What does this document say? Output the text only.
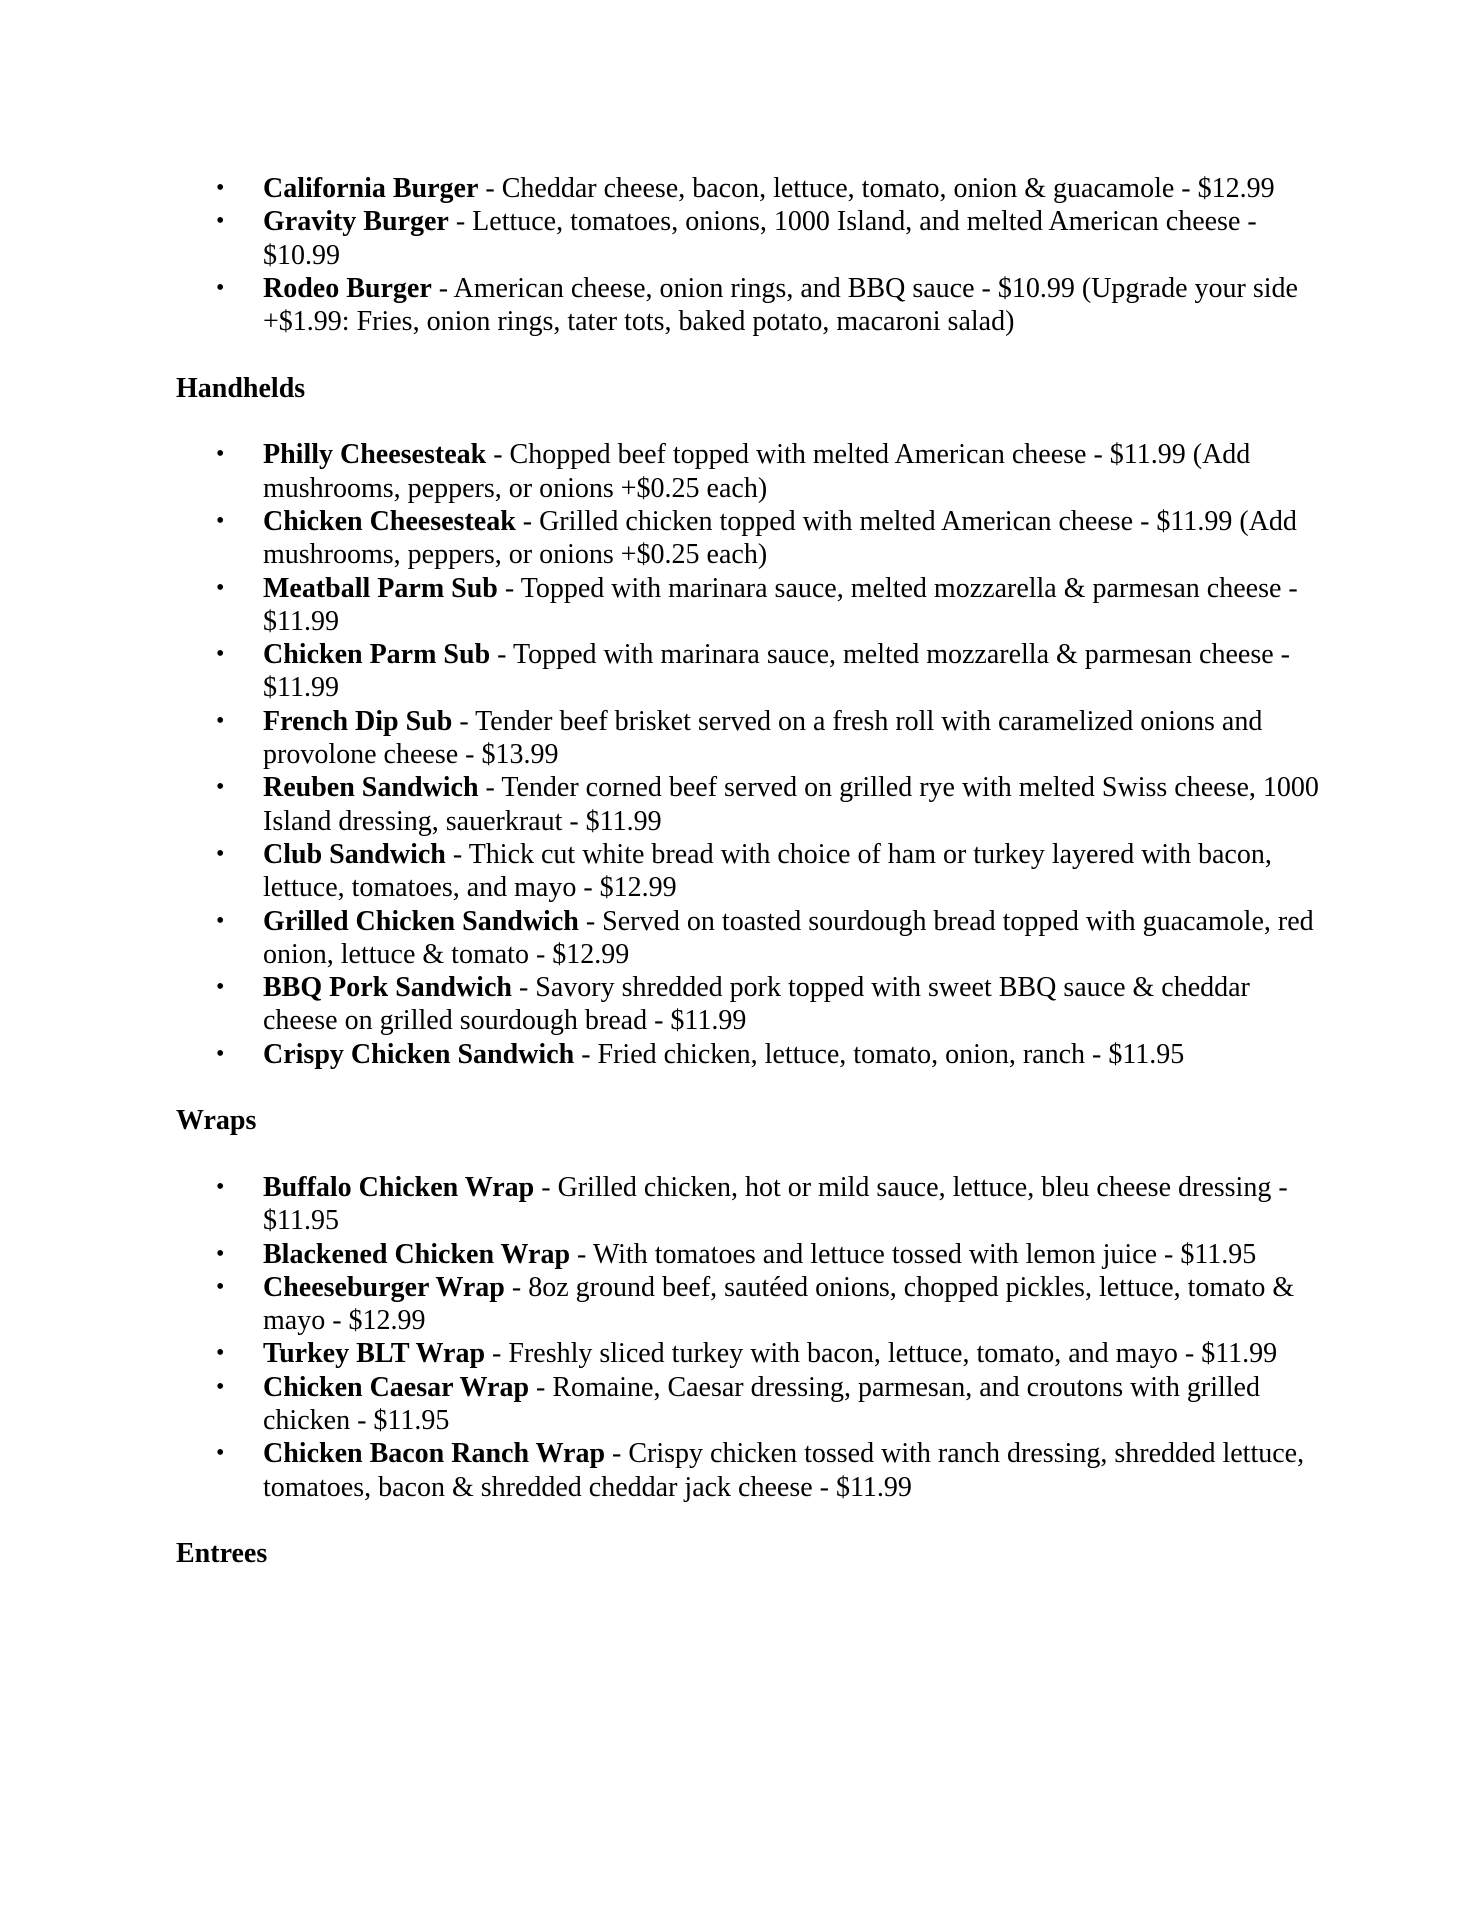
• California Burger - Cheddar cheese, bacon, lettuce, tomato, onion & guacamole - $12.99
• Gravity Burger - Lettuce, tomatoes, onions, 1000 Island, and melted American cheese - $10.99
• Rodeo Burger - American cheese, onion rings, and BBQ sauce - $10.99 (Upgrade your side +$1.99: Fries, onion rings, tater tots, baked potato, macaroni salad)
Handhelds
• Philly Cheesesteak - Chopped beef topped with melted American cheese - $11.99 (Add mushrooms, peppers, or onions +$0.25 each)
• Chicken Cheesesteak - Grilled chicken topped with melted American cheese - $11.99 (Add mushrooms, peppers, or onions +$0.25 each)
• Meatball Parm Sub - Topped with marinara sauce, melted mozzarella & parmesan cheese - $11.99
• Chicken Parm Sub - Topped with marinara sauce, melted mozzarella & parmesan cheese - $11.99
• French Dip Sub - Tender beef brisket served on a fresh roll with caramelized onions and provolone cheese - $13.99
• Reuben Sandwich - Tender corned beef served on grilled rye with melted Swiss cheese, 1000 Island dressing, sauerkraut - $11.99
• Club Sandwich - Thick cut white bread with choice of ham or turkey layered with bacon, lettuce, tomatoes, and mayo - $12.99
• Grilled Chicken Sandwich - Served on toasted sourdough bread topped with guacamole, red onion, lettuce & tomato - $12.99
• BBQ Pork Sandwich - Savory shredded pork topped with sweet BBQ sauce & cheddar cheese on grilled sourdough bread - $11.99
• Crispy Chicken Sandwich - Fried chicken, lettuce, tomato, onion, ranch - $11.95
Wraps
• Buffalo Chicken Wrap - Grilled chicken, hot or mild sauce, lettuce, bleu cheese dressing - $11.95
• Blackened Chicken Wrap - With tomatoes and lettuce tossed with lemon juice - $11.95
• Cheeseburger Wrap - 8oz ground beef, sautéed onions, chopped pickles, lettuce, tomato & mayo - $12.99
• Turkey BLT Wrap - Freshly sliced turkey with bacon, lettuce, tomato, and mayo - $11.99
• Chicken Caesar Wrap - Romaine, Caesar dressing, parmesan, and croutons with grilled chicken - $11.95
• Chicken Bacon Ranch Wrap - Crispy chicken tossed with ranch dressing, shredded lettuce, tomatoes, bacon & shredded cheddar jack cheese - $11.99
Entrees
